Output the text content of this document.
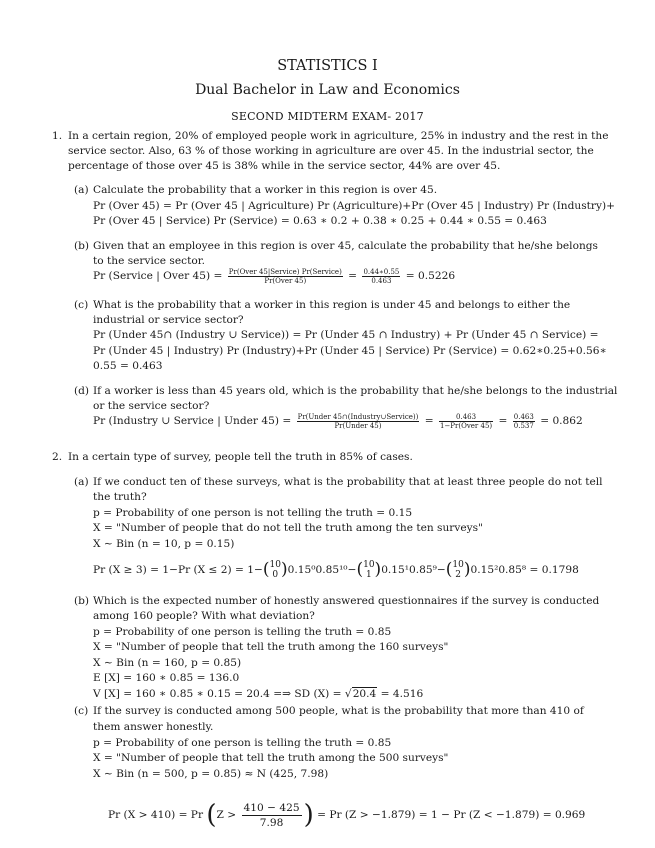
STATISTICS I
Dual Bachelor in Law and Economics
SECOND MIDTERM EXAM- 2017
1. In a certain region, 20% of employed people work in agriculture, 25% in industry and the rest in the
service sector. Also, 63 % of those working in agriculture are over 45. In the industrial sector, the
percentage of those over 45 is 38% while in the service sector, 44% are over 45.
(a) Calculate the probability that a worker in this region is over 45.
Pr (Over 45) = Pr (Over 45 | Agriculture) Pr (Agriculture)+Pr (Over 45 | Industry) Pr (Industry)+
Pr (Over 45 | Service) Pr (Service) = 0.63 ∗ 0.2 + 0.38 ∗ 0.25 + 0.44 ∗ 0.55 = 0.463
(b) Given that an employee in this region is over 45, calculate the probability that he/she belongs
to the service sector.
Pr (Service | Over $45) = \frac{\text{Pr(Over 45|Service) Pr(Service)}}{\text{Pr(Over 45)}} = \frac{0.44∗0.55}{0.463} = 0.5226$
(c) What is the probability that a worker in this region is under 45 and belongs to either the
industrial or service sector?
Pr (Under 45∩ (Industry ∪ Service)) = Pr (Under 45 ∩ Industry) + Pr (Under 45 ∩ Service) =
Pr (Under 45 | Industry) Pr (Industry)+Pr (Under 45 | Service) Pr (Service) = 0.62∗0.25+0.56∗
0.55 = 0.463
(d) If a worker is less than 45 years old, which is the probability that he/she belongs to the industrial
or the service sector?
Pr (Industry ∪ Service | Under $45) = \frac{\text{Pr(Under 45∩(Industry∪Service))}}{\text{Pr(Under 45)}} = \frac{0.463}{\text{1−Pr(Over 45)}} = \frac{0.463}{0.537} = 0.862$
2. In a certain type of survey, people tell the truth in 85% of cases.
(a) If we conduct ten of these surveys, what is the probability that at least three people do not tell
the truth?
p = Probability of one person is not telling the truth = 0.15
X = "Number of people that do not tell the truth among the ten surveys"
X ∼ Bin (n = 10, p = 0.15)
Pr (X ≥ 3) = 1−Pr (X ≤ 2) = 1−( 10
0 )0.15⁰0.85¹⁰−( 10
1 )0.15¹0.85⁹−( 10
2 )0.15²0.85⁸ = 0.1798
(b) Which is the expected number of honestly answered questionnaires if the survey is conducted
among 160 people? With what deviation?
p = Probability of one person is telling the truth = 0.85
X = "Number of people that tell the truth among the 160 surveys"
X ∼ Bin (n = 160, p = 0.85)
E [X] = 160 ∗ 0.85 = 136.0
V [X] = 160 ∗ 0.85 ∗ 0.15 = 20.4 =⇒ SD (X) = √20.4 = 4.516
(c) If the survey is conducted among 500 people, what is the probability that more than 410 of
them answer honestly.
p = Probability of one person is telling the truth = 0.85
X = "Number of people that tell the truth among the 500 surveys"
X ∼ Bin (n = 500, p = 0.85) ≈ N (425, 7.98)
Pr (X > 410) = Pr ($Z > \frac{410 - 425}{7.98}$ ) = Pr (Z > −1.879) = 1 − Pr (Z < −1.879) = 0.969
